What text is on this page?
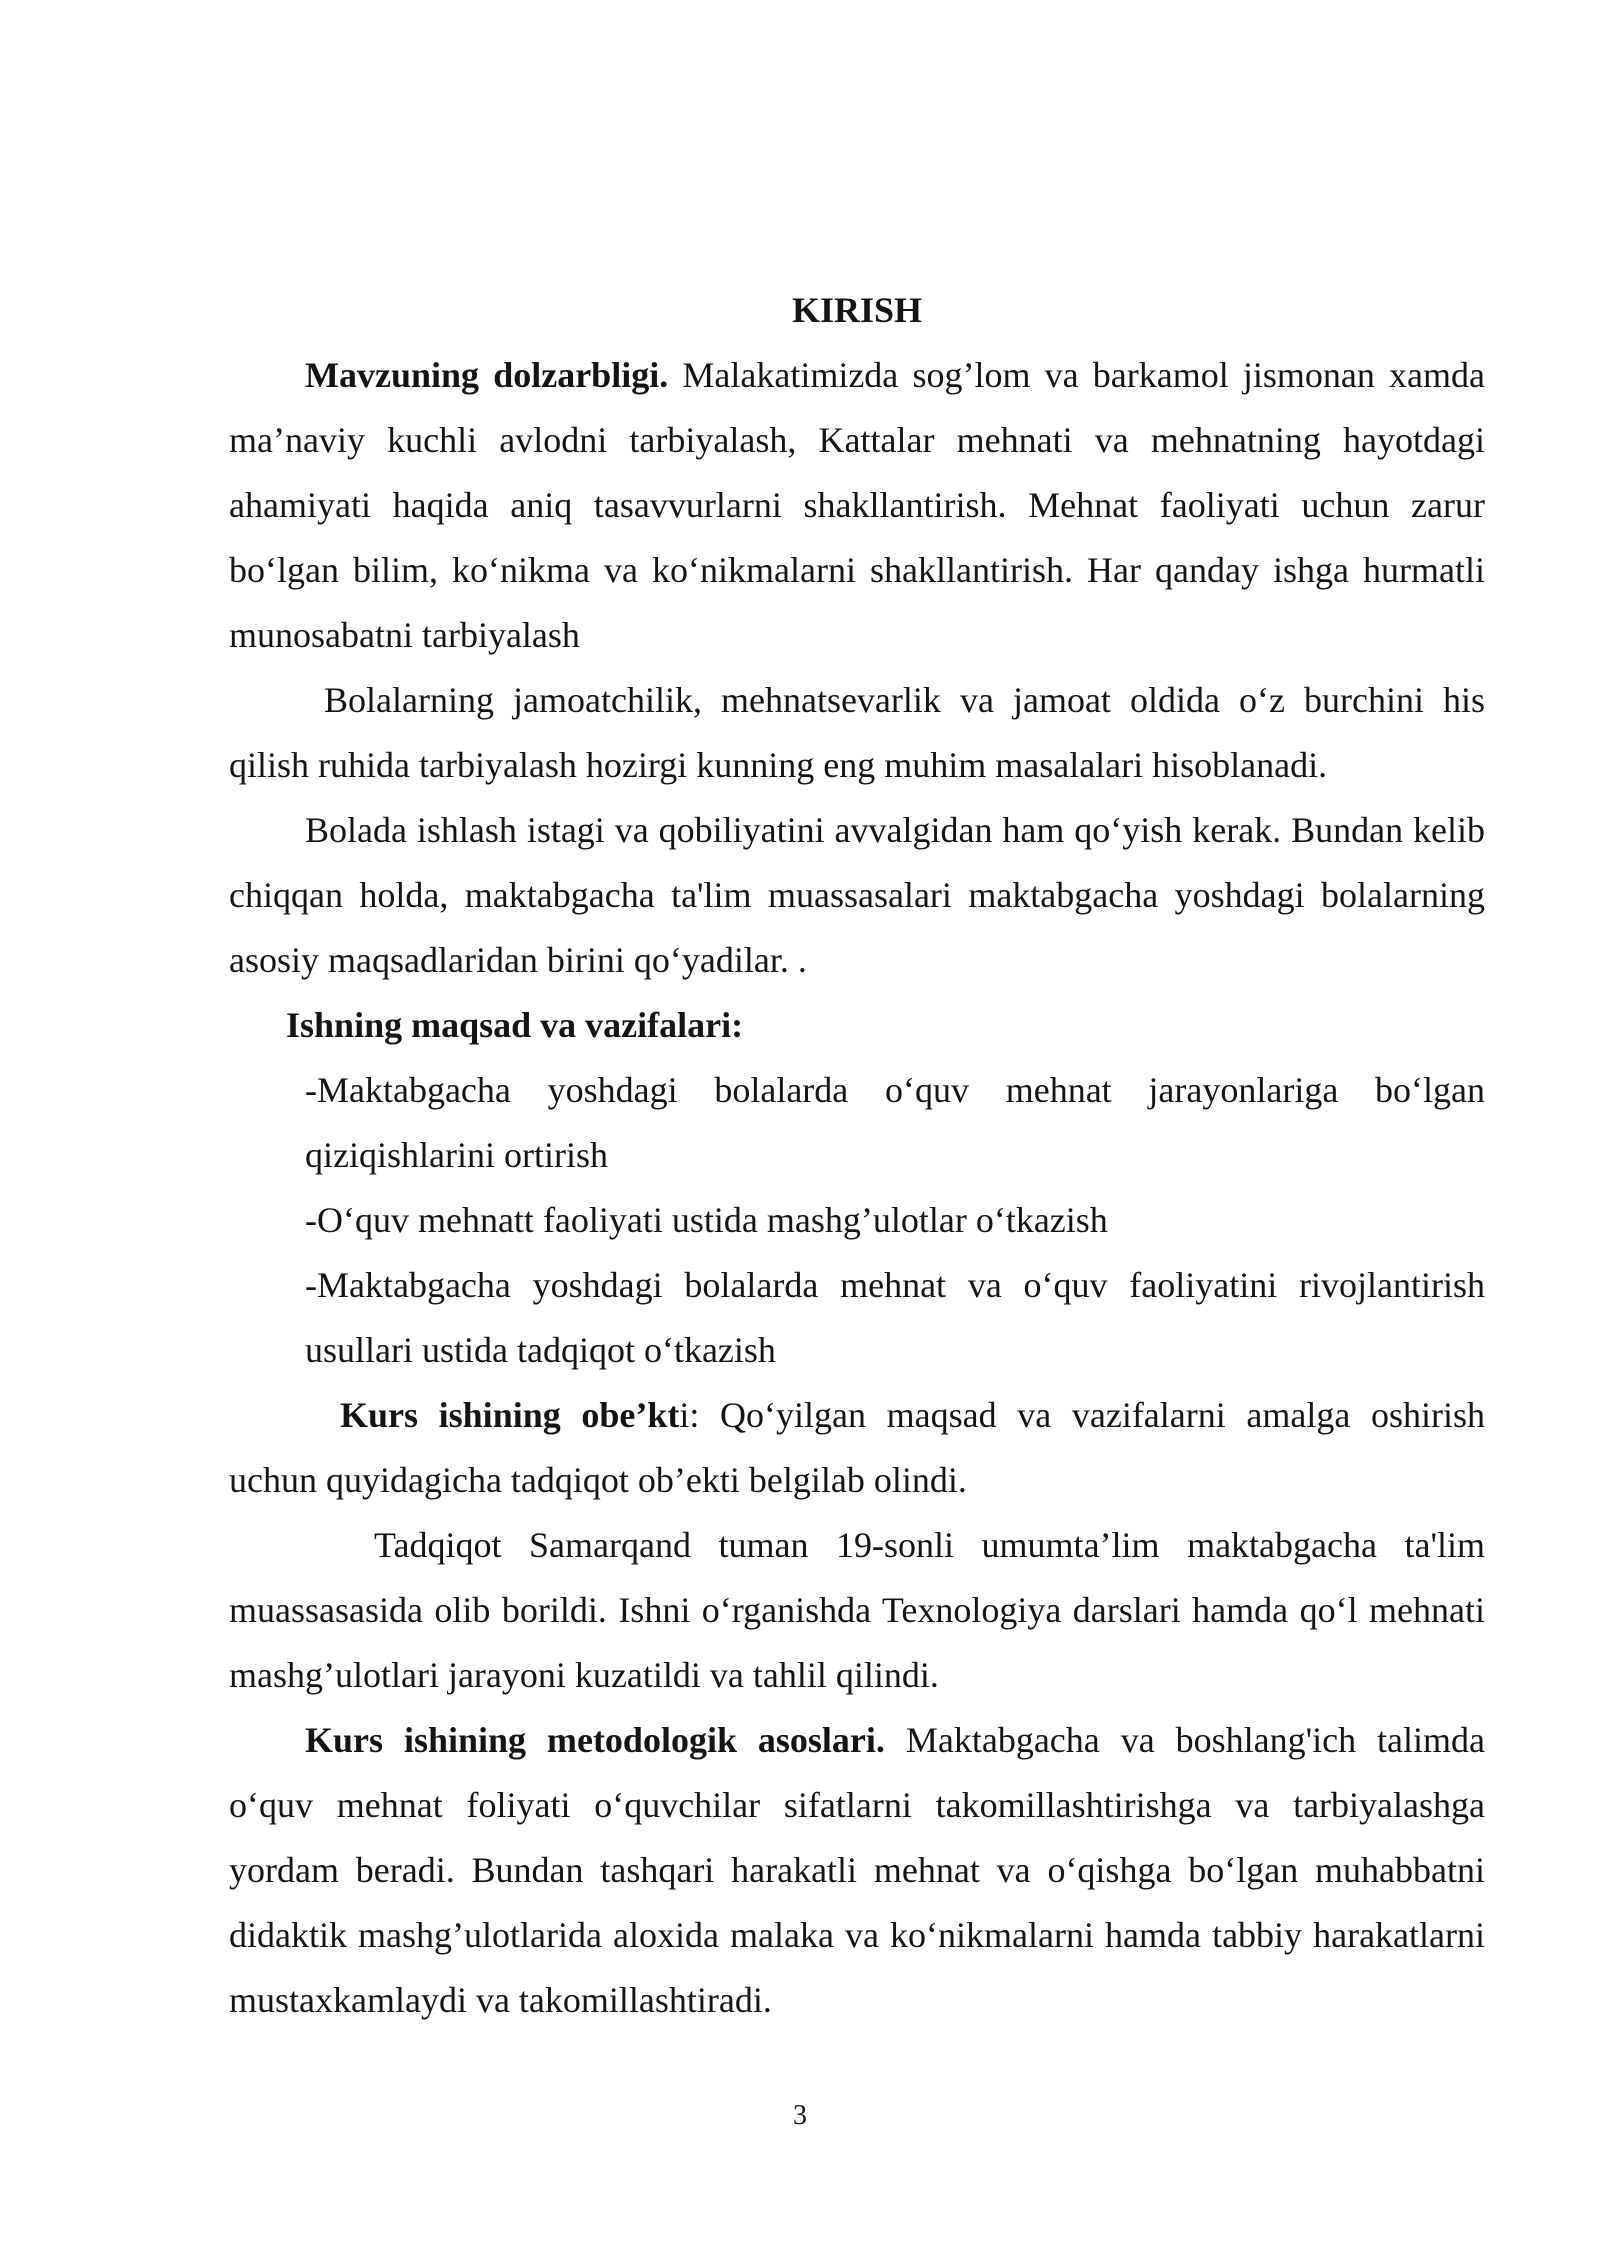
KIRISH

Mavzuning dolzarbligi. Malakatimizda sog’lom va barkamol jismonan xamda ma’naviy kuchli avlodni tarbiyalash, Kattalar mehnati va mehnatning hayotdagi ahamiyati haqida aniq tasavvurlarni shakllantirish. Mehnat faoliyati uchun zarur bo‘lgan bilim, ko‘nikma va ko‘nikmalarni shakllantirish. Har qanday ishga hurmatli munosabatni tarbiyalash

Bolalarning jamoatchilik, mehnatsevarlik va jamoat oldida o‘z burchini his qilish ruhida tarbiyalash hozirgi kunning eng muhim masalalari hisoblanadi.

Bolada ishlash istagi va qobiliyatini avvalgidan ham qo‘yish kerak. Bundan kelib chiqqan holda, maktabgacha ta'lim muassasalari maktabgacha yoshdagi bolalarning asosiy maqsadlaridan birini qo‘yadilar. .

Ishning maqsad va vazifalari:

-Maktabgacha yoshdagi bolalarda o‘quv mehnat jarayonlariga bo‘lgan qiziqishlarini ortirish

-O‘quv mehnatt faoliyati ustida mashg’ulotlar o‘tkazish

-Maktabgacha yoshdagi bolalarda mehnat va o‘quv faoliyatini rivojlantirish usullari ustida tadqiqot o‘tkazish

Kurs ishining obe’kti: Qo‘yilgan maqsad va vazifalarni amalga oshirish uchun quyidagicha tadqiqot ob’ekti belgilab olindi.

Tadqiqot Samarqand tuman 19-sonli umumta’lim maktabgacha ta'lim muassasasida olib borildi. Ishni o‘rganishda Texnologiya darslari hamda qo‘l mehnati mashg’ulotlari jarayoni kuzatildi va tahlil qilindi.

Kurs ishining metodologik asoslari. Maktabgacha va boshlang'ich talimda o‘quv mehnat foliyati o‘quvchilar sifatlarni takomillashtirishga va tarbiyalashga yordam beradi. Bundan tashqari harakatli mehnat va o‘qishga bo‘lgan muhabbatni didaktik mashg’ulotlarida aloxida malaka va ko‘nikmalarni hamda tabbiy harakatlarni mustaxkamlaydi va takomillashtiradi.

3
